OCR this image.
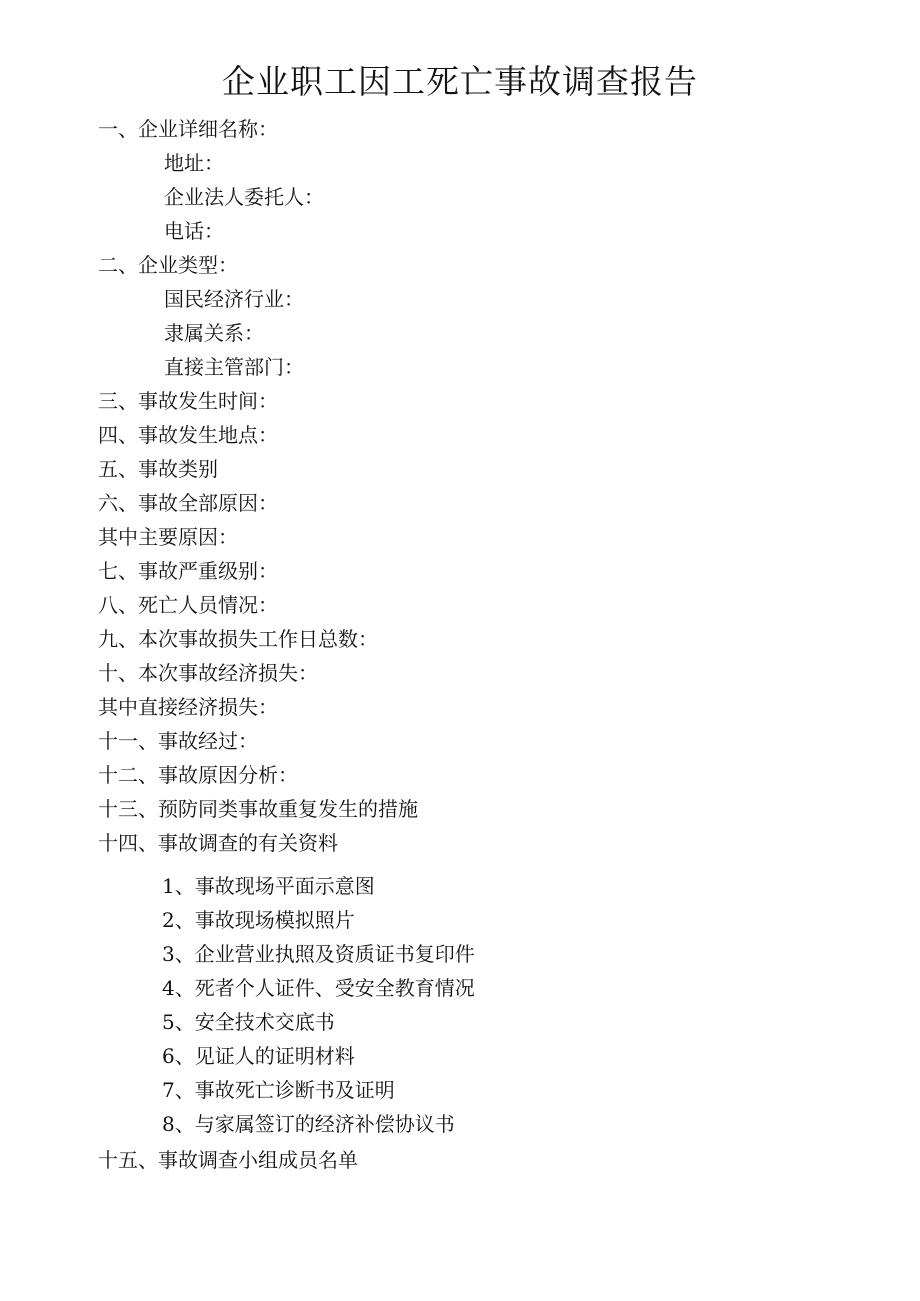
企业职工因工死亡事故调查报告
一、企业详细名称：
地址：
企业法人委托人：
电话：
二、企业类型：
国民经济行业：
隶属关系：
直接主管部门：
三、事故发生时间：
四、事故发生地点：
五、事故类别
六、事故全部原因：
其中主要原因：
七、事故严重级别：
八、死亡人员情况：
九、本次事故损失工作日总数：
十、本次事故经济损失：
其中直接经济损失：
十一、事故经过：
十二、事故原因分析：
十三、预防同类事故重复发生的措施
十四、事故调查的有关资料
1、事故现场平面示意图
2、事故现场模拟照片
3、企业营业执照及资质证书复印件
4、死者个人证件、受安全教育情况
5、安全技术交底书
6、见证人的证明材料
7、事故死亡诊断书及证明
8、与家属签订的经济补偿协议书
十五、事故调查小组成员名单
